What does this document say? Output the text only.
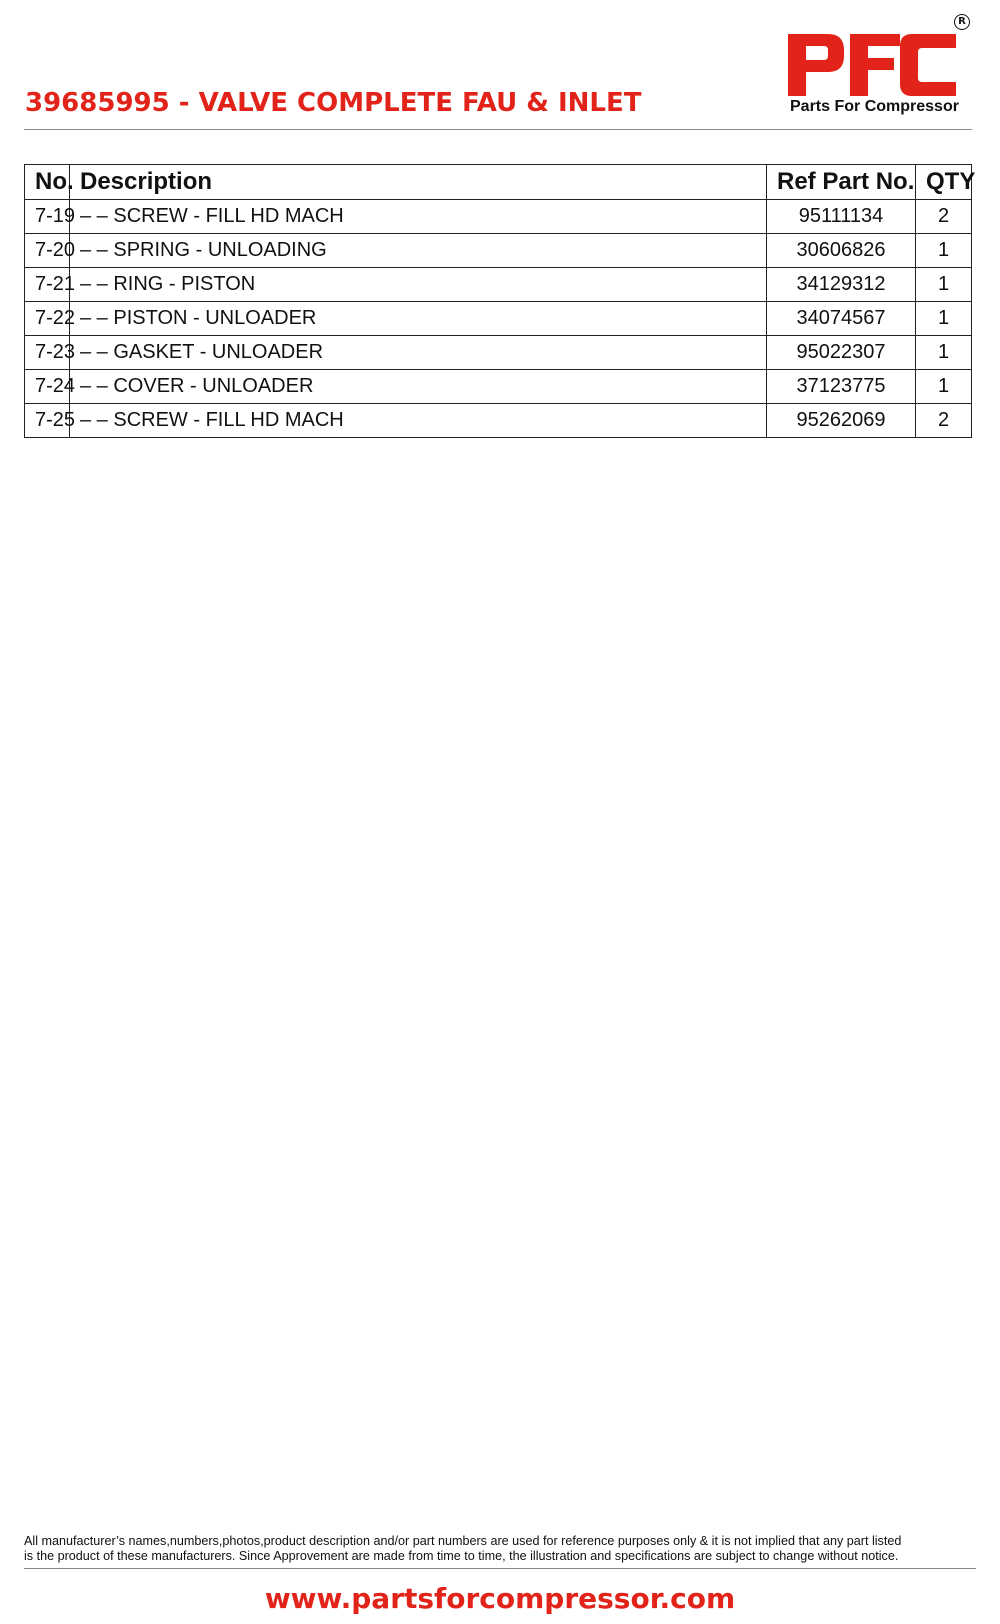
39685995 - VALVE COMPLETE FAU & INLET
R
Parts For Compressor
No.	Description	Ref Part No.	QTY
7-19	– – SCREW - FILL HD MACH	95111134	2
7-20	– – SPRING - UNLOADING	30606826	1
7-21	– – RING - PISTON	34129312	1
7-22	– – PISTON - UNLOADER	34074567	1
7-23	– – GASKET - UNLOADER	95022307	1
7-24	– – COVER - UNLOADER	37123775	1
7-25	– – SCREW - FILL HD MACH	95262069	2
All manufacturer’s names,numbers,photos,product description and/or part numbers are used for reference purposes only & it is not implied that any part listed
is the product of these manufacturers. Since Approvement are made from time to time, the illustration and specifications are subject to change without notice.
www.partsforcompressor.com
